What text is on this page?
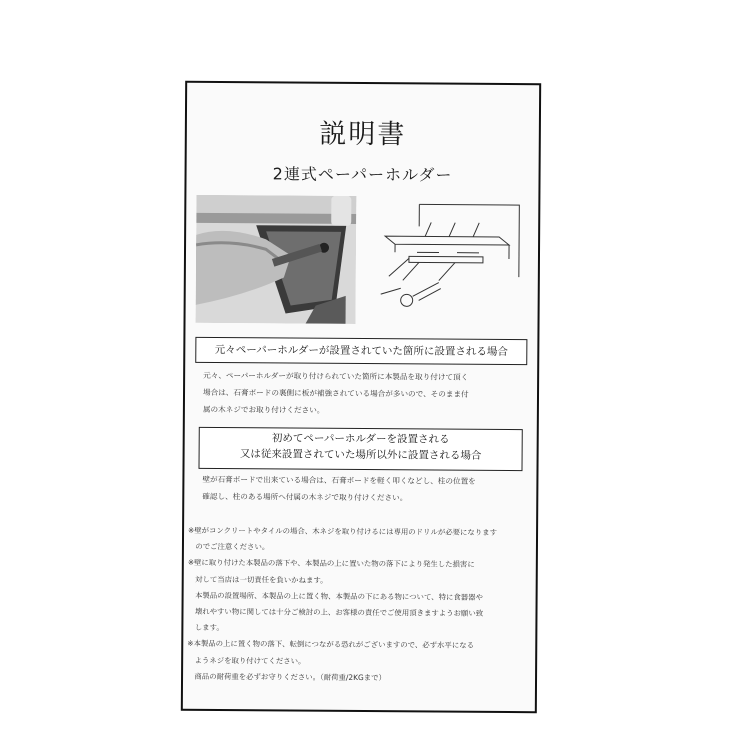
説明書
2連式ペーパーホルダー
元々ペーパーホルダーが設置されていた箇所に設置される場合
元々、ペーパーホルダーが取り付けられていた箇所に本製品を取り付けて頂く
場合は、石膏ボードの裏側に板が補強されている場合が多いので、そのまま付
属の木ネジでお取り付けください。
初めてペーパーホルダーを設置される
又は従来設置されていた場所以外に設置される場合
壁が石膏ボードで出来ている場合は、石膏ボードを軽く叩くなどし、柱の位置を
確認し、柱のある場所へ付属の木ネジで取り付けください。
※壁がコンクリートやタイルの場合、木ネジを取り付けるには専用のドリルが必要になります
　のでご注意ください。
※壁に取り付けた本製品の落下や、本製品の上に置いた物の落下により発生した損害に
　対して当店は一切責任を負いかねます。
　本製品の設置場所、本製品の上に置く物、本製品の下にある物について、特に食器器や
　壊れやすい物に関しては十分ご検討の上、お客様の責任でご使用頂きますようお願い致
　します。
※本製品の上に置く物の落下、転倒につながる恐れがございますので、必ず水平になる
　ようネジを取り付けてください。
　商品の耐荷重を必ずお守りください。（耐荷重/2KGまで）
